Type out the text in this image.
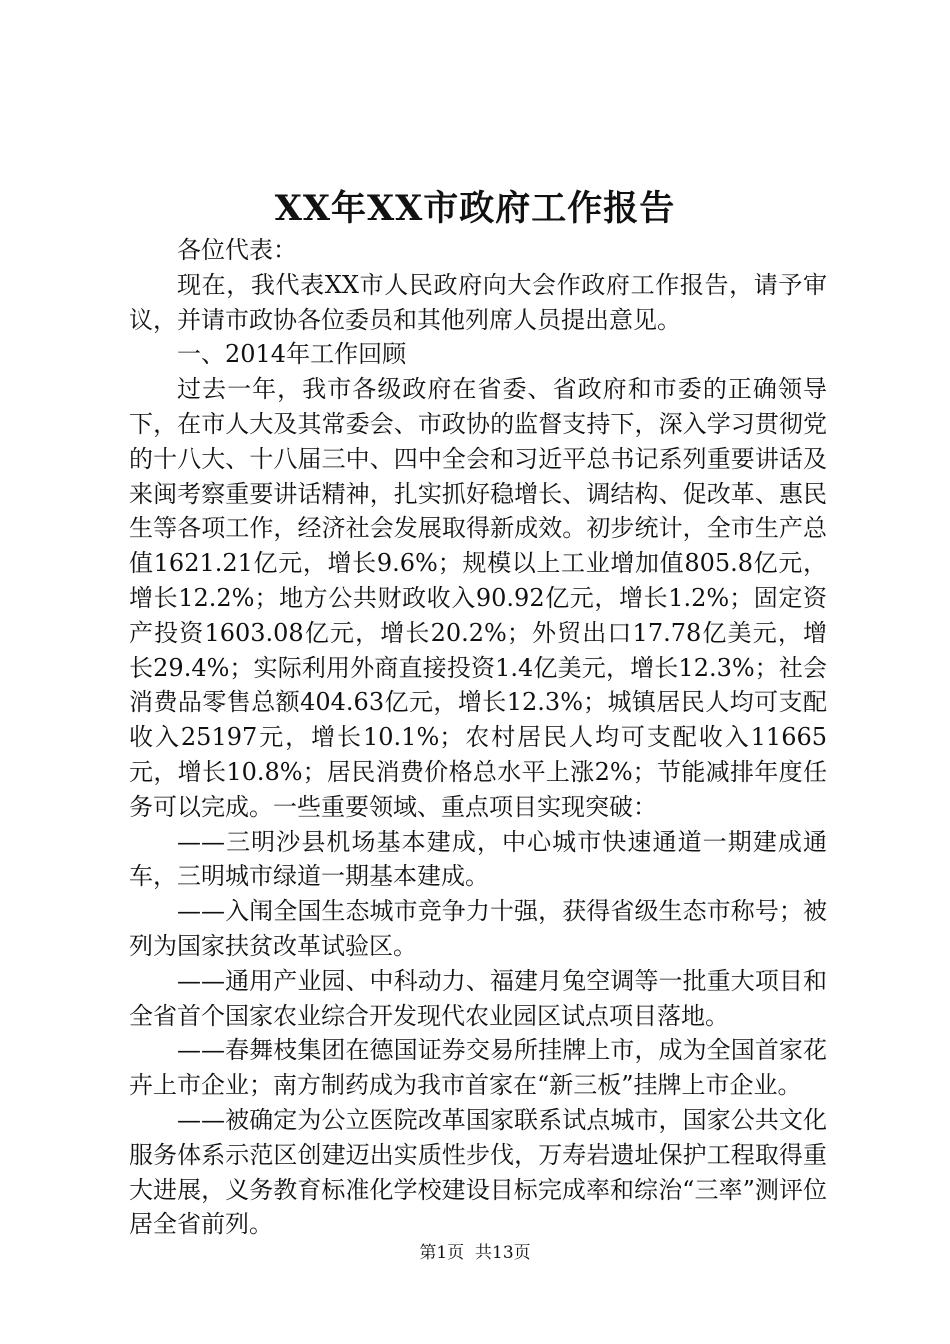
XX年XX市政府工作报告

各位代表：

现在，我代表XX市人民政府向大会作政府工作报告，请予审议，并请市政协各位委员和其他列席人员提出意见。

一、2014年工作回顾

过去一年，我市各级政府在省委、省政府和市委的正确领导下，在市人大及其常委会、市政协的监督支持下，深入学习贯彻党的十八大、十八届三中、四中全会和习近平总书记系列重要讲话及来闽考察重要讲话精神，扎实抓好稳增长、调结构、促改革、惠民生等各项工作，经济社会发展取得新成效。初步统计，全市生产总值1621.21亿元，增长9.6%；规模以上工业增加值805.8亿元，增长12.2%；地方公共财政收入90.92亿元，增长1.2%；固定资产投资1603.08亿元，增长20.2%；外贸出口17.78亿美元，增长29.4%；实际利用外商直接投资1.4亿美元，增长12.3%；社会消费品零售总额404.63亿元，增长12.3%；城镇居民人均可支配收入25197元，增长10.1%；农村居民人均可支配收入11665元，增长10.8%；居民消费价格总水平上涨2%；节能减排年度任务可以完成。一些重要领域、重点项目实现突破：

——三明沙县机场基本建成，中心城市快速通道一期建成通车，三明城市绿道一期基本建成。

——入闱全国生态城市竞争力十强，获得省级生态市称号；被列为国家扶贫改革试验区。

——通用产业园、中科动力、福建月兔空调等一批重大项目和全省首个国家农业综合开发现代农业园区试点项目落地。

——春舞枝集团在德国证券交易所挂牌上市，成为全国首家花卉上市企业；南方制药成为我市首家在“新三板”挂牌上市企业。

——被确定为公立医院改革国家联系试点城市，国家公共文化服务体系示范区创建迈出实质性步伐，万寿岩遗址保护工程取得重大进展，义务教育标准化学校建设目标完成率和综治“三率”测评位居全省前列。

第1页 共13页
